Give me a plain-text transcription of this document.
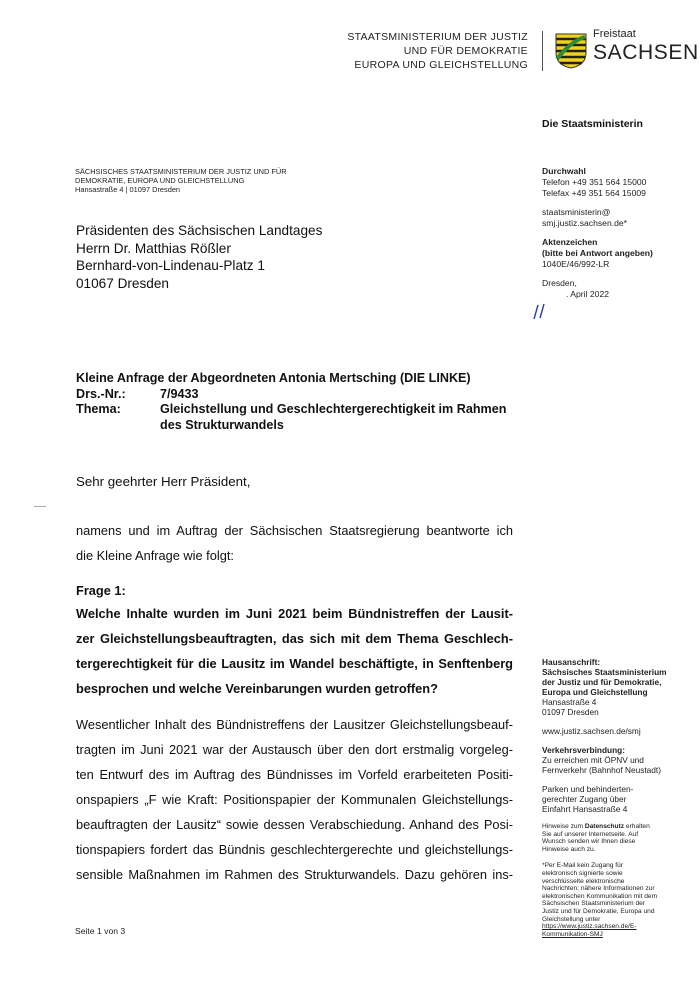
STAATSMINISTERIUM DER JUSTIZ
UND FÜR DEMOKRATIE
EUROPA UND GLEICHSTELLUNG
Freistaat
SACHSEN
Die Staatsministerin
SÄCHSISCHES STAATSMINISTERIUM DER JUSTIZ UND FÜR
DEMOKRATIE, EUROPA UND GLEICHSTELLUNG
Hansastraße 4 | 01097 Dresden
Präsidenten des Sächsischen Landtages
Herrn Dr. Matthias Rößler
Bernhard-von-Lindenau-Platz 1
01067 Dresden
Durchwahl
Telefon +49 351 564 15000
Telefax +49 351 564 15009
staatsministerin@
smj.justiz.sachsen.de*
Aktenzeichen
(bitte bei Antwort angeben)
1040E/46/992-LR
Dresden,
. April 2022
Kleine Anfrage der Abgeordneten Antonia Mertsching (DIE LINKE)
Drs.-Nr.:	7/9433
Thema:	Gleichstellung und Geschlechtergerechtigkeit im Rahmen
des Strukturwandels
Sehr geehrter Herr Präsident,
namens und im Auftrag der Sächsischen Staatsregierung beantworte ich
die Kleine Anfrage wie folgt:
Frage 1:
Welche Inhalte wurden im Juni 2021 beim Bündnistreffen der Lausit-
zer Gleichstellungsbeauftragten, das sich mit dem Thema Geschlech-
tergerechtigkeit für die Lausitz im Wandel beschäftigte, in Senftenberg
besprochen und welche Vereinbarungen wurden getroffen?
Wesentlicher Inhalt des Bündnistreffens der Lausitzer Gleichstellungsbeauf-
tragten im Juni 2021 war der Austausch über den dort erstmalig vorgeleg-
ten Entwurf des im Auftrag des Bündnisses im Vorfeld erarbeiteten Positi-
onspapiers „F wie Kraft: Positionspapier der Kommunalen Gleichstellungs-
beauftragten der Lausitz“ sowie dessen Verabschiedung. Anhand des Posi-
tionspapiers fordert das Bündnis geschlechtergerechte und gleichstellungs-
sensible Maßnahmen im Rahmen des Strukturwandels. Dazu gehören ins-
Hausanschrift:
Sächsisches Staatsministerium
der Justiz und für Demokratie,
Europa und Gleichstellung
Hansastraße 4
01097 Dresden
www.justiz.sachsen.de/smj
Verkehrsverbindung:
Zu erreichen mit ÖPNV und
Fernverkehr (Bahnhof Neustadt)
Parken und behinderten-
gerechter Zugang über
Einfahrt Hansastraße 4
Hinweise zum Datenschutz erhalten
Sie auf unserer Internetseite. Auf
Wunsch senden wir Ihnen diese
Hinweise auch zu.
*Per E-Mail kein Zugang für
elektronisch signierte sowie
verschlüsselte elektronische
Nachrichten; nähere Informationen zur
elektronischen Kommunikation mit dem
Sächsischen Staatsministerium der
Justiz und für Demokratie, Europa und
Gleichstellung unter
https://www.justiz.sachsen.de/E-
Kommunikation-SMJ
Seite 1 von 3
